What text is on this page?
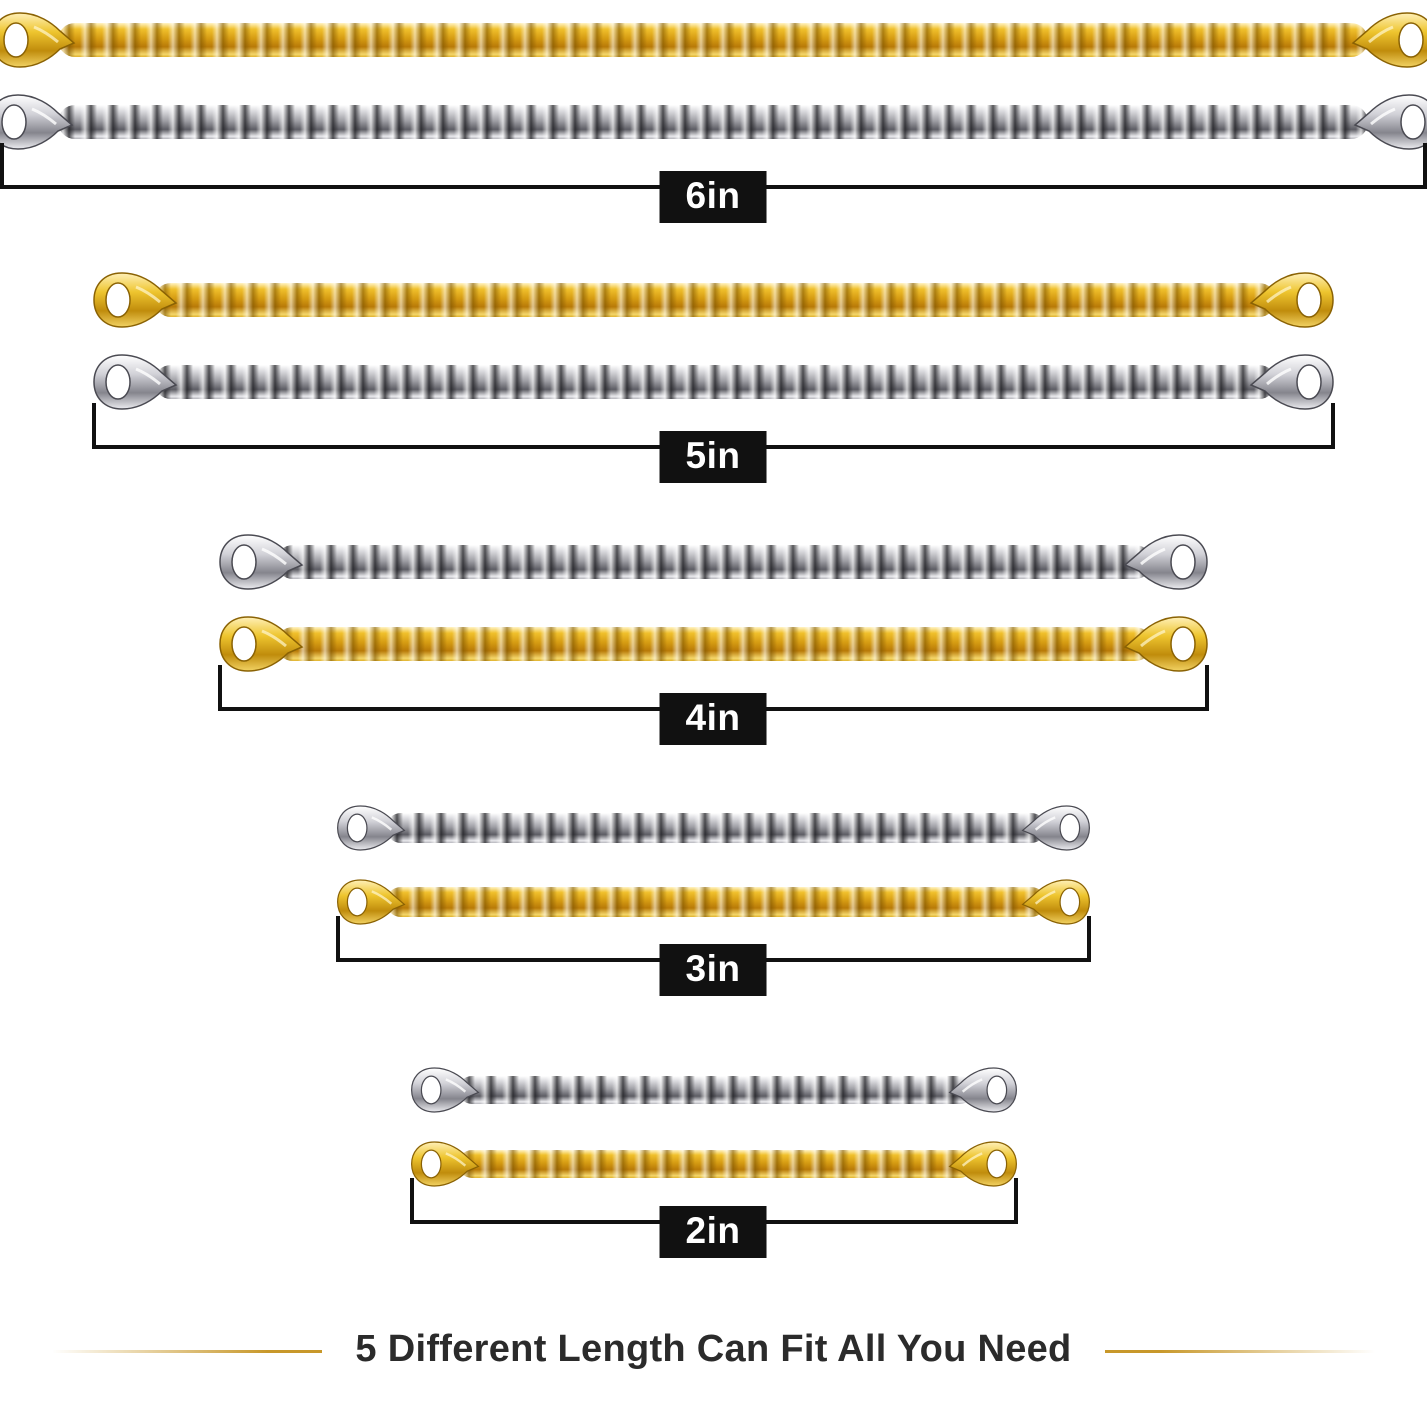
6in
5in
4in
3in
2in
5 Different Length Can Fit All You Need
